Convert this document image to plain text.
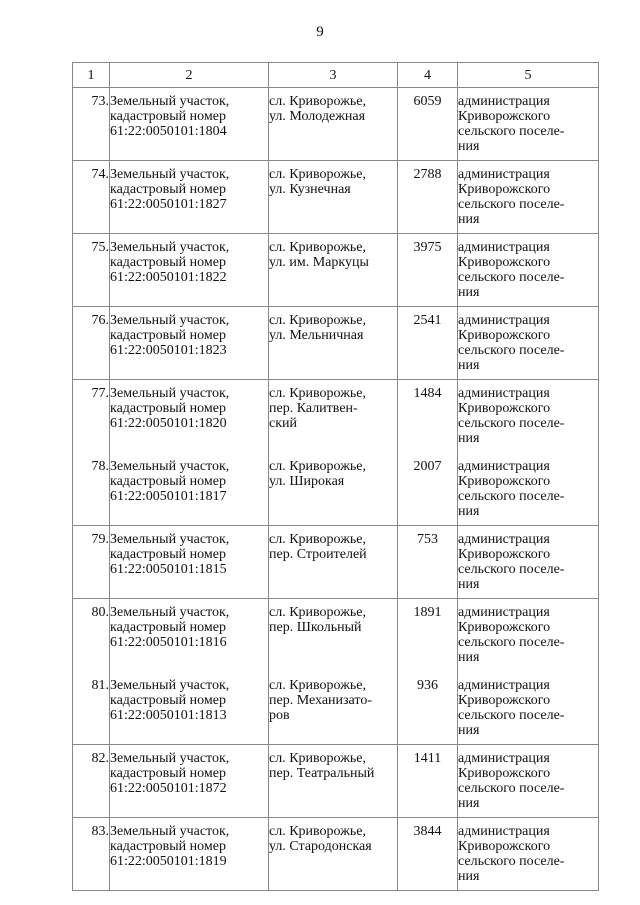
9
1	2	3	4	5
73.	Земельный участок,
кадастровый номер
61:22:0050101:1804	сл. Криворожье,
ул. Молодежная	6059	администрация
Криворожского
сельского поселе-
ния

74.	Земельный участок,
кадастровый номер
61:22:0050101:1827	сл. Криворожье,
ул. Кузнечная	2788	администрация
Криворожского
сельского поселе-
ния

75.	Земельный участок,
кадастровый номер
61:22:0050101:1822	сл. Криворожье,
ул. им. Маркуцы	3975	администрация
Криворожского
сельского поселе-
ния

76.	Земельный участок,
кадастровый номер
61:22:0050101:1823	сл. Криворожье,
ул. Мельничная	2541	администрация
Криворожского
сельского поселе-
ния

77.	Земельный участок,
кадастровый номер
61:22:0050101:1820	сл. Криворожье,
пер. Калитвен-
ский	1484	администрация
Криворожского
сельского поселе-
ния

78.	Земельный участок,
кадастровый номер
61:22:0050101:1817	сл. Криворожье,
ул. Широкая	2007	администрация
Криворожского
сельского поселе-
ния

79.	Земельный участок,
кадастровый номер
61:22:0050101:1815	сл. Криворожье,
пер. Строителей	753	администрация
Криворожского
сельского поселе-
ния

80.	Земельный участок,
кадастровый номер
61:22:0050101:1816	сл. Криворожье,
пер. Школьный	1891	администрация
Криворожского
сельского поселе-
ния

81.	Земельный участок,
кадастровый номер
61:22:0050101:1813	сл. Криворожье,
пер. Механизато-
ров	936	администрация
Криворожского
сельского поселе-
ния

82.	Земельный участок,
кадастровый номер
61:22:0050101:1872	сл. Криворожье,
пер. Театральный	1411	администрация
Криворожского
сельского поселе-
ния

83.	Земельный участок,
кадастровый номер
61:22:0050101:1819	сл. Криворожье,
ул. Стародонская	3844	администрация
Криворожского
сельского поселе-
ния
